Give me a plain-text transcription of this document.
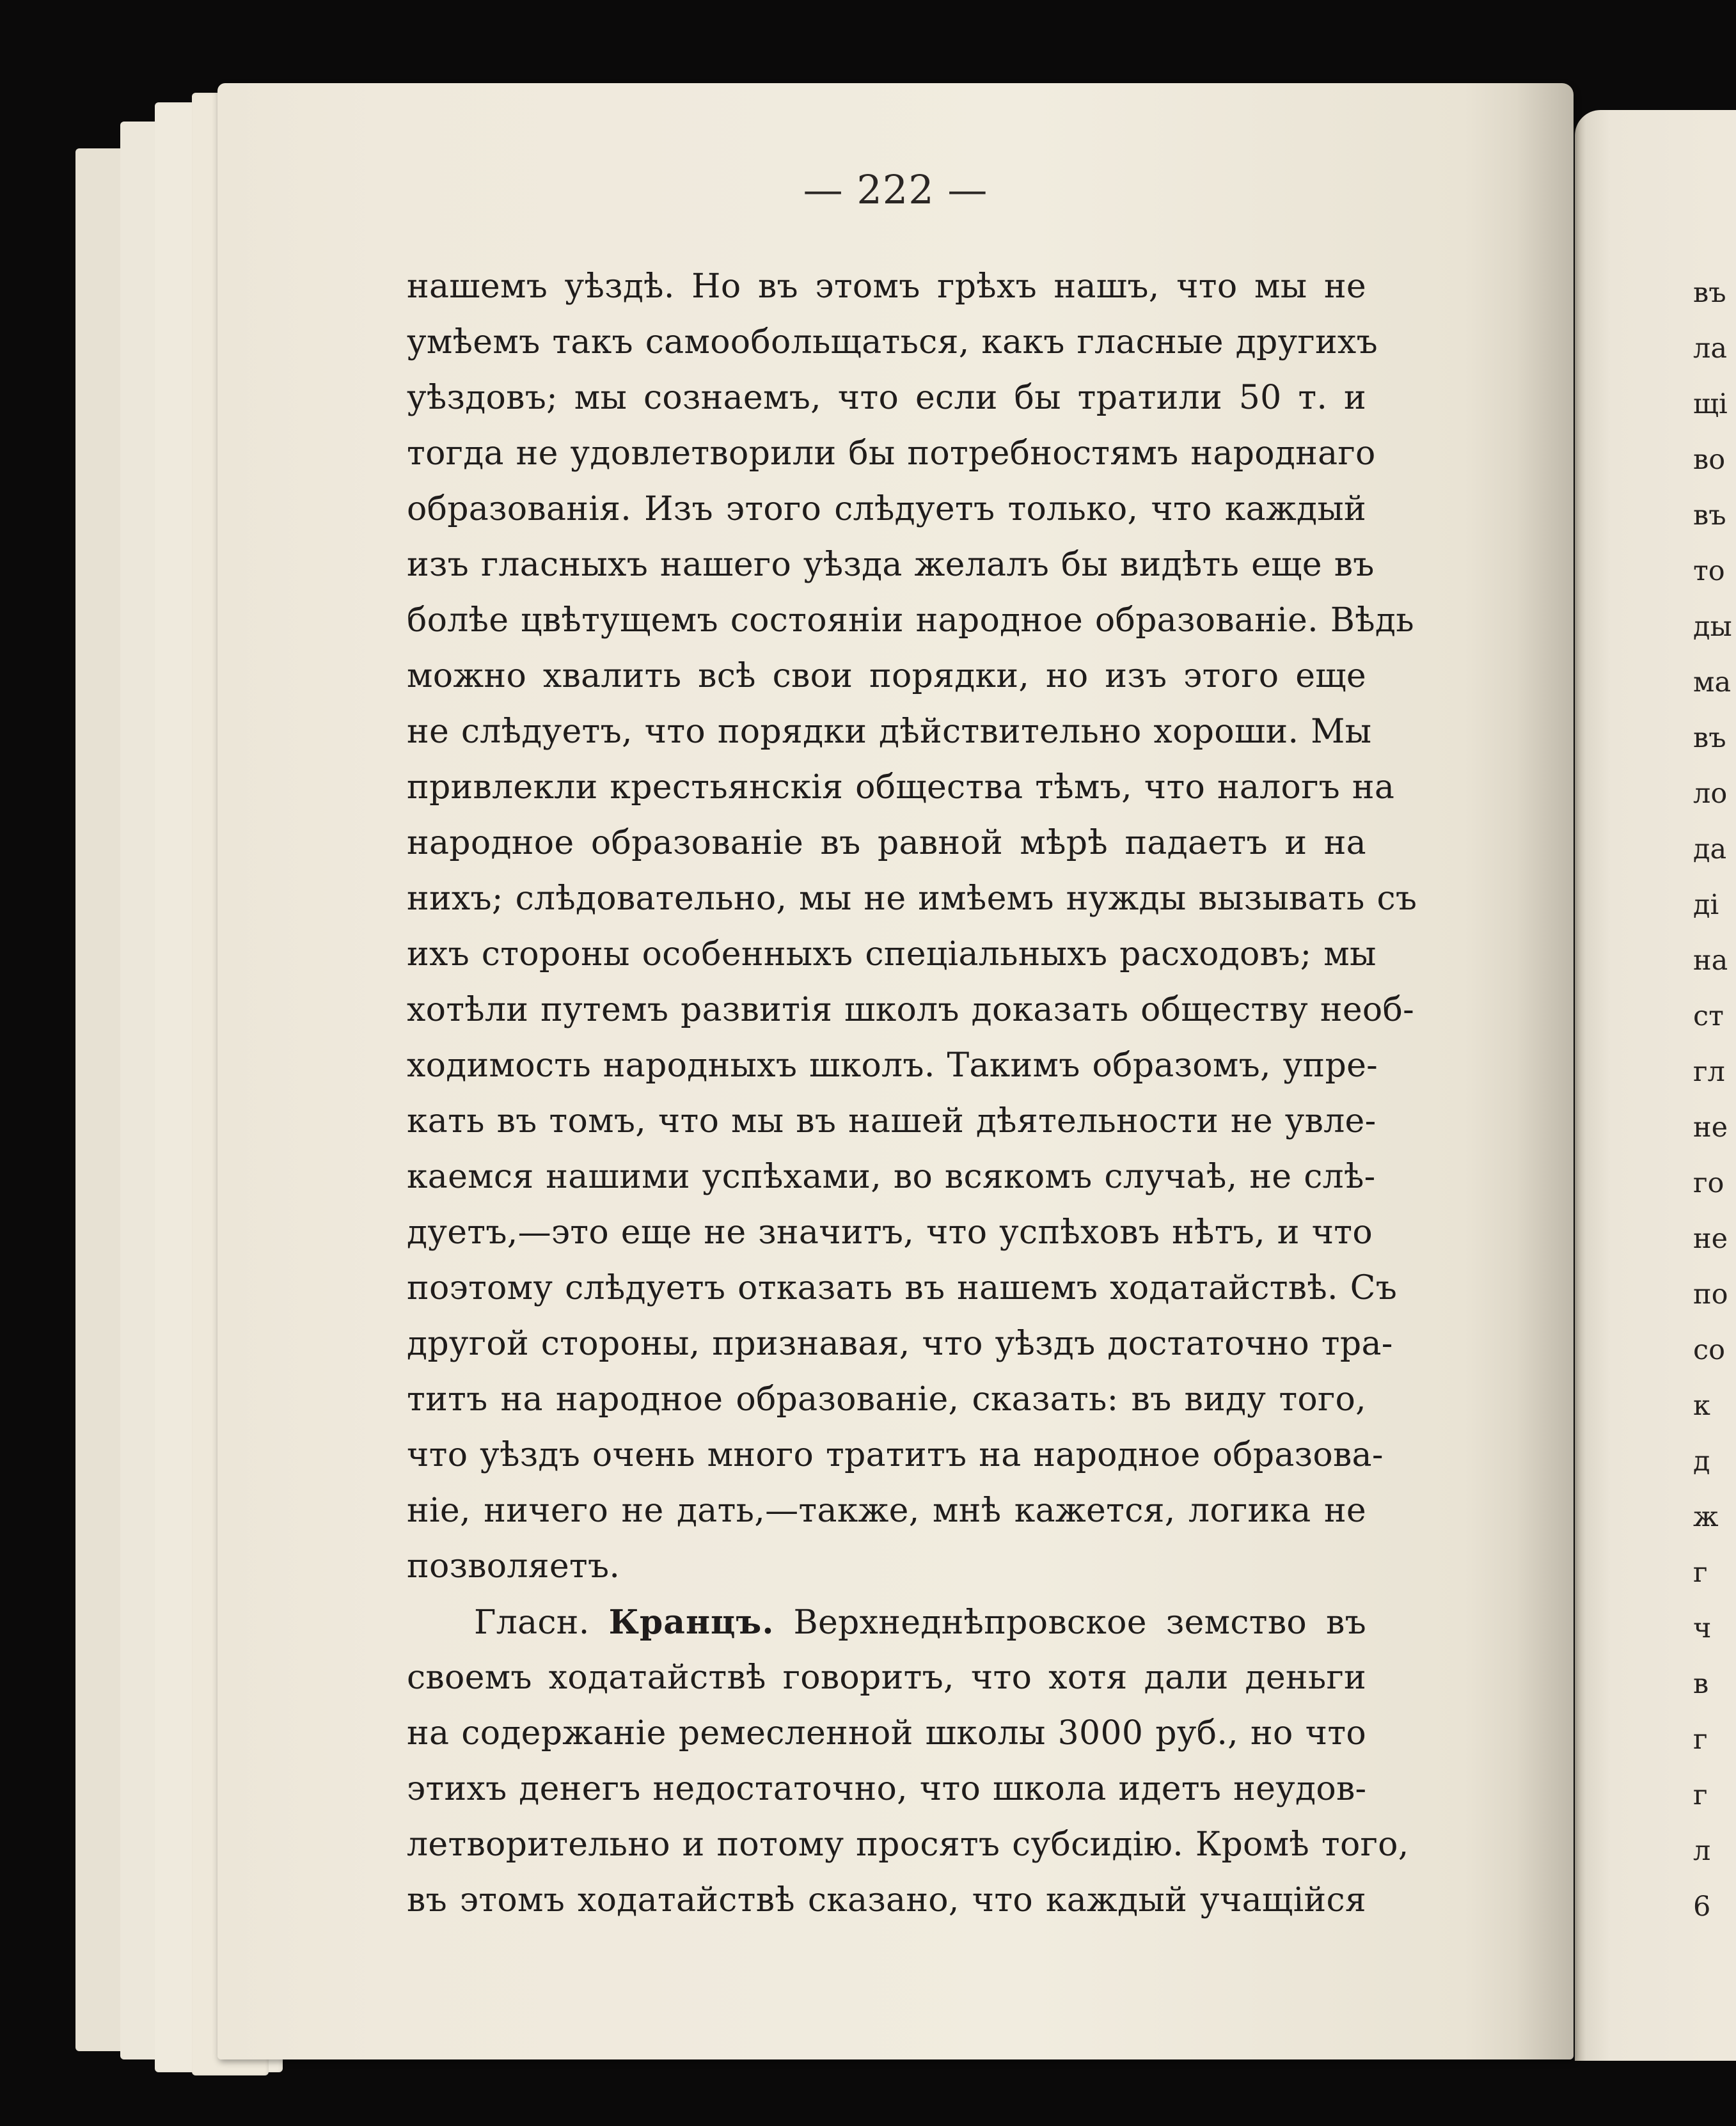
въ
ла
щі
во
въ
то
ды
ма
въ
ло
да
ді
на
ст
гл
не
го
не
по
со
к
д
ж
г
ч
в
г
г
л
6
— 222 —
нашемъ уѣздѣ. Но въ этомъ грѣхъ нашъ, что мы не
умѣемъ такъ самообольщаться, какъ гласные другихъ
уѣздовъ; мы сознаемъ, что если бы тратили 50 т. и
тогда не удовлетворили бы потребностямъ народнаго
образованія. Изъ этого слѣдуетъ только, что каждый
изъ гласныхъ нашего уѣзда желалъ бы видѣть еще въ
болѣе цвѣтущемъ состояніи народное образованіе. Вѣдь
можно хвалить всѣ свои порядки, но изъ этого еще
не слѣдуетъ, что порядки дѣйствительно хороши. Мы
привлекли крестьянскія общества тѣмъ, что налогъ на
народное образованіе въ равной мѣрѣ падаетъ и на
нихъ; слѣдовательно, мы не имѣемъ нужды вызывать съ
ихъ стороны особенныхъ спеціальныхъ расходовъ; мы
хотѣли путемъ развитія школъ доказать обществу необ-
ходимость народныхъ школъ. Такимъ образомъ, упре-
кать въ томъ, что мы въ нашей дѣятельности не увле-
каемся нашими успѣхами, во всякомъ случаѣ, не слѣ-
дуетъ,—это еще не значитъ, что успѣховъ нѣтъ, и что
поэтому слѣдуетъ отказать въ нашемъ ходатайствѣ. Съ
другой стороны, признавая, что уѣздъ достаточно тра-
титъ на народное образованіе, сказать: въ виду того,
что уѣздъ очень много тратитъ на народное образова-
ніе, ничего не дать,—также, мнѣ кажется, логика не
позволяетъ.
Гласн. Кранцъ. Верхнеднѣпровское земство въ
своемъ ходатайствѣ говоритъ, что хотя дали деньги
на содержаніе ремесленной школы 3000 руб., но что
этихъ денегъ недостаточно, что школа идетъ неудов-
летворительно и потому просятъ субсидію. Кромѣ того,
въ этомъ ходатайствѣ сказано, что каждый учащійся
